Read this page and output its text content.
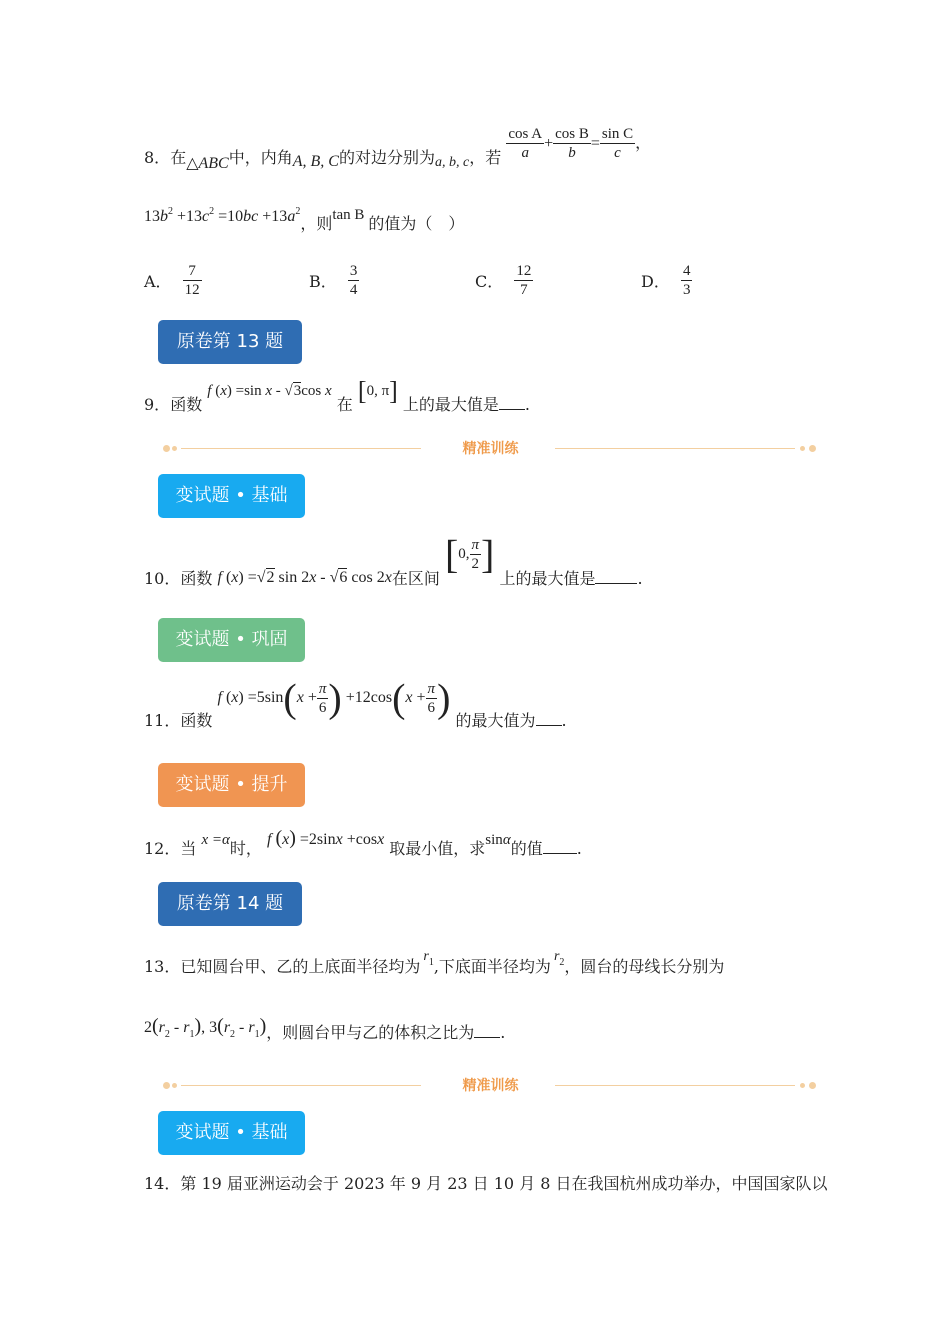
8．在△ABC中，内角A, B, C的对边分别为a, b, c，若 $\frac{\text{cos A}}{a} + \frac{\text{cos B}}{b} = \frac{\text{sin C}}{c}$ ，
$13b^2 +13c^2 =10bc +13a^2$，则tan B 的值为（　）
A． $\frac{7}{12}$	B． $\frac{3}{4}$	C． $\frac{12}{7}$	D． $\frac{4}{3}$
原卷第 13 题
9．函数 f (x) =sin x - √3cos x 在 [0, π] 上的最大值是 .
精准训练
变试题 • 基础
10．函数 f (x) =√2 sin 2x - √6 cos 2x在区间 [0, $\frac{\pi}{2}$ ] 上的最大值是	.
变试题 • 巩固
11．函数 f $(x) =5\sin(x + \frac{\pi}{6}$ ) $+12\cos(x + \frac{\pi}{6}$ ) 的最大值为 .
变试题 • 提升
12．当 x =α时， f (x) =2sinx +cosx 取最小值，求sinα的值 .
原卷第 14 题
13．已知圆台甲、乙的上底面半径均为$r_1$,下底面半径均为$r_2$，圆台的母线长分别为
$2(r_2 - r_1)$, $3(r_2 - r_1)$，则圆台甲与乙的体积之比为 .
精准训练
变试题 • 基础
14．第 19 届亚洲运动会于 2023 年 9 月 23 日 10 月 8 日在我国杭州成功举办，中国国家队以
